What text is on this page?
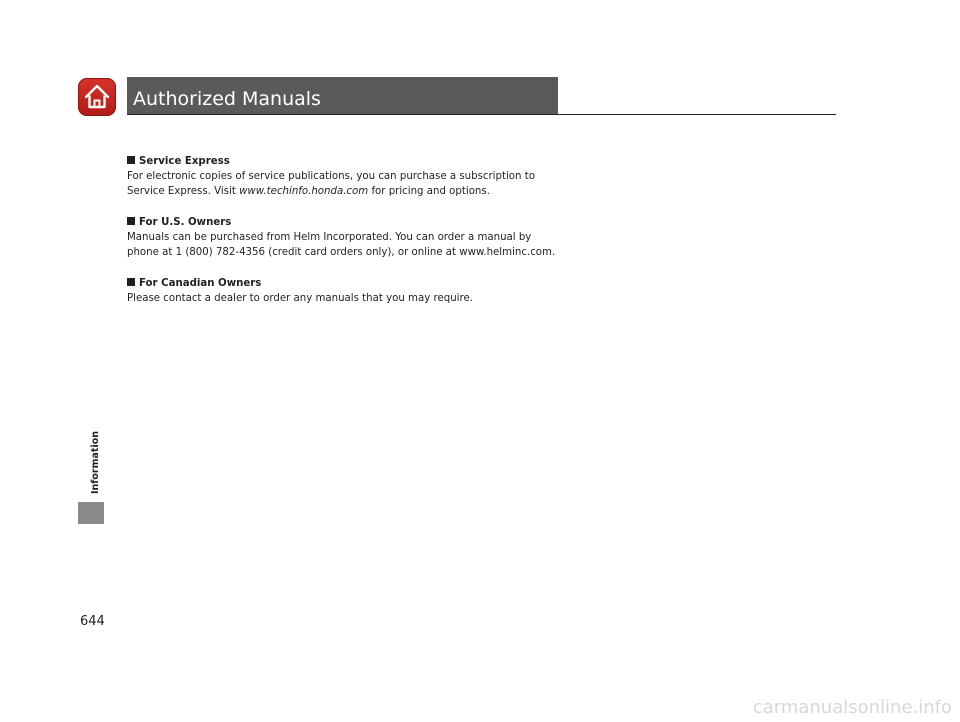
Authorized Manuals
Service Express

For electronic copies of service publications, you can purchase a subscription to

Service Express. Visit www.techinfo.honda.com for pricing and options.

For U.S. Owners

Manuals can be purchased from Helm Incorporated. You can order a manual by

phone at 1 (800) 782-4356 (credit card orders only), or online at www.helminc.com.

For Canadian Owners

Please contact a dealer to order any manuals that you may require.

Information
644
carmanualsonline.info
